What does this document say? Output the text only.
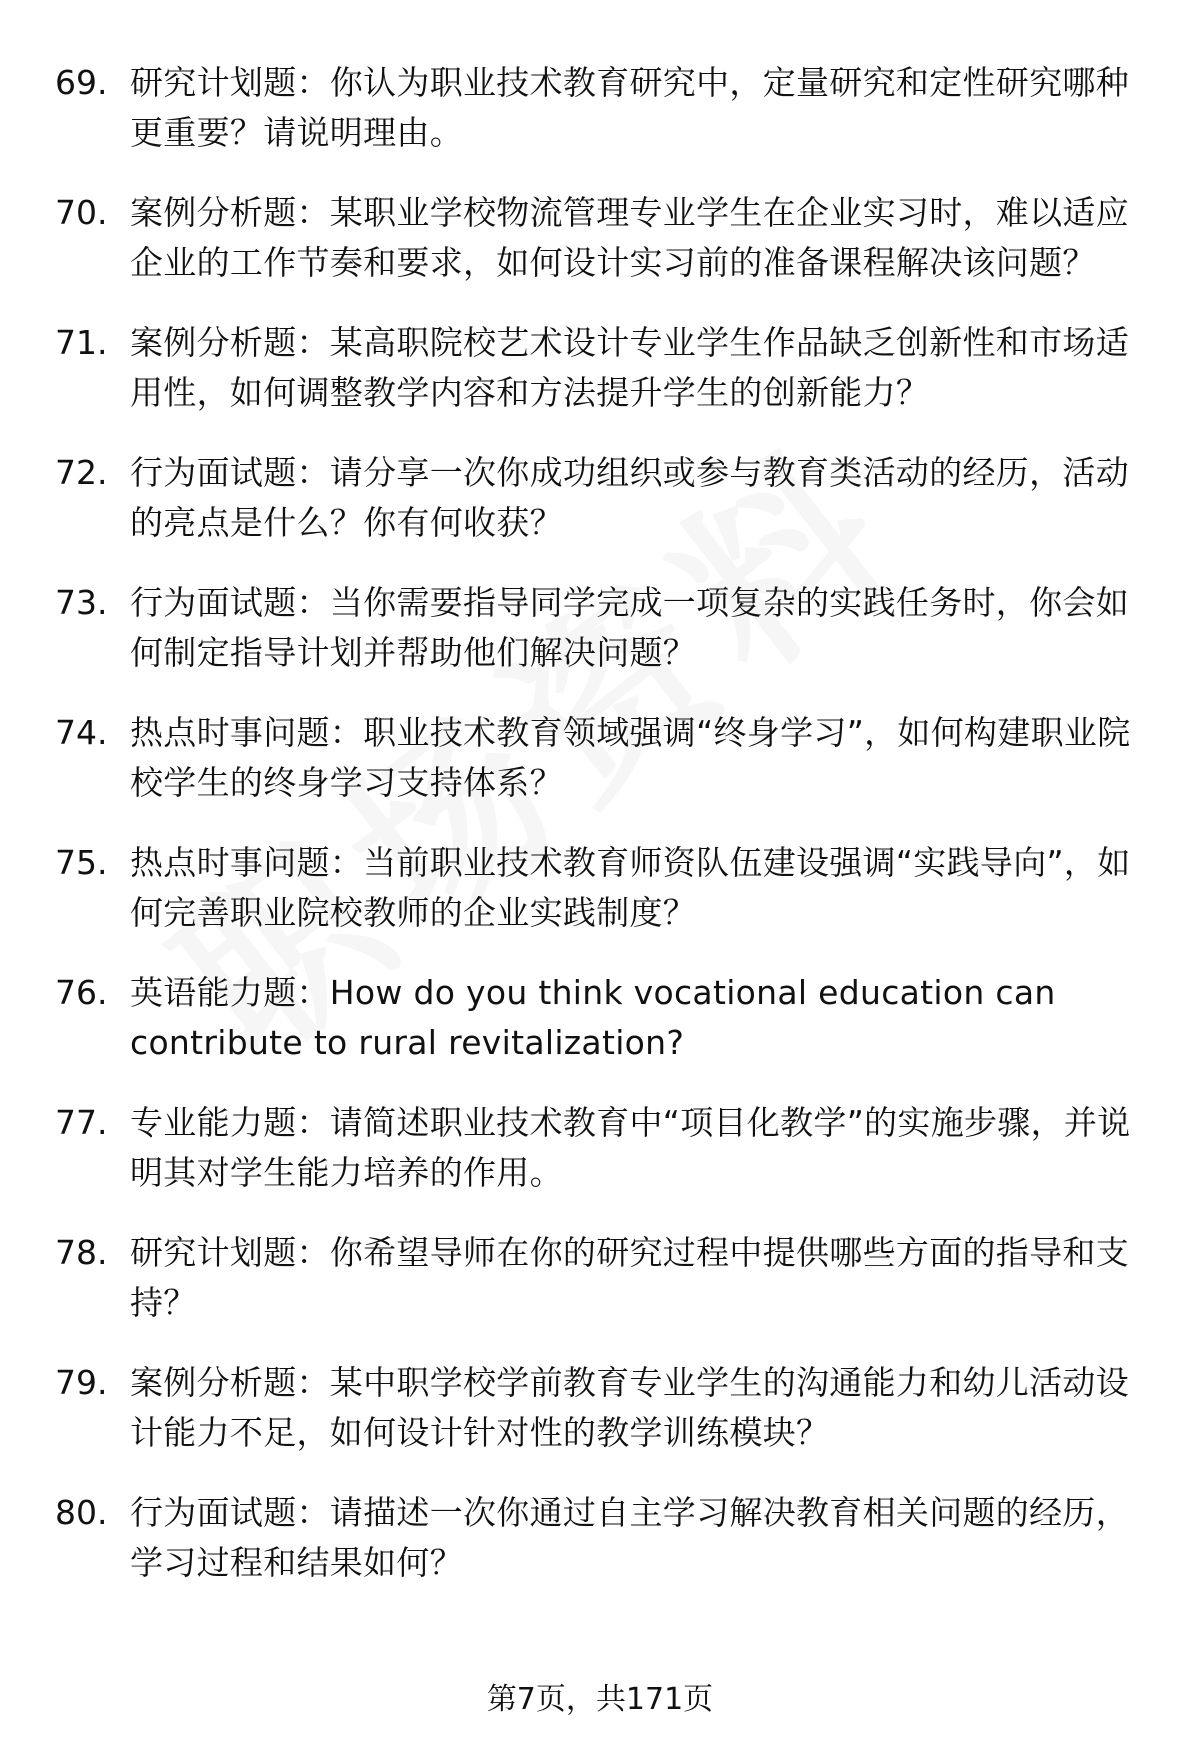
69. 研究计划题：你认为职业技术教育研究中，定量研究和定性研究哪种更重要？请说明理由。
70. 案例分析题：某职业学校物流管理专业学生在企业实习时，难以适应企业的工作节奏和要求，如何设计实习前的准备课程解决该问题？
71. 案例分析题：某高职院校艺术设计专业学生作品缺乏创新性和市场适用性，如何调整教学内容和方法提升学生的创新能力？
72. 行为面试题：请分享一次你成功组织或参与教育类活动的经历，活动的亮点是什么？你有何收获？
73. 行为面试题：当你需要指导同学完成一项复杂的实践任务时，你会如何制定指导计划并帮助他们解决问题？
74. 热点时事问题：职业技术教育领域强调“终身学习”，如何构建职业院校学生的终身学习支持体系？
75. 热点时事问题：当前职业技术教育师资队伍建设强调“实践导向”，如何完善职业院校教师的企业实践制度？
76. 英语能力题：How do you think vocational education can contribute to rural revitalization?
77. 专业能力题：请简述职业技术教育中“项目化教学”的实施步骤，并说明其对学生能力培养的作用。
78. 研究计划题：你希望导师在你的研究过程中提供哪些方面的指导和支持？
79. 案例分析题：某中职学校学前教育专业学生的沟通能力和幼儿活动设计能力不足，如何设计针对性的教学训练模块？
80. 行为面试题：请描述一次你通过自主学习解决教育相关问题的经历，学习过程和结果如何？
第7页，共171页
